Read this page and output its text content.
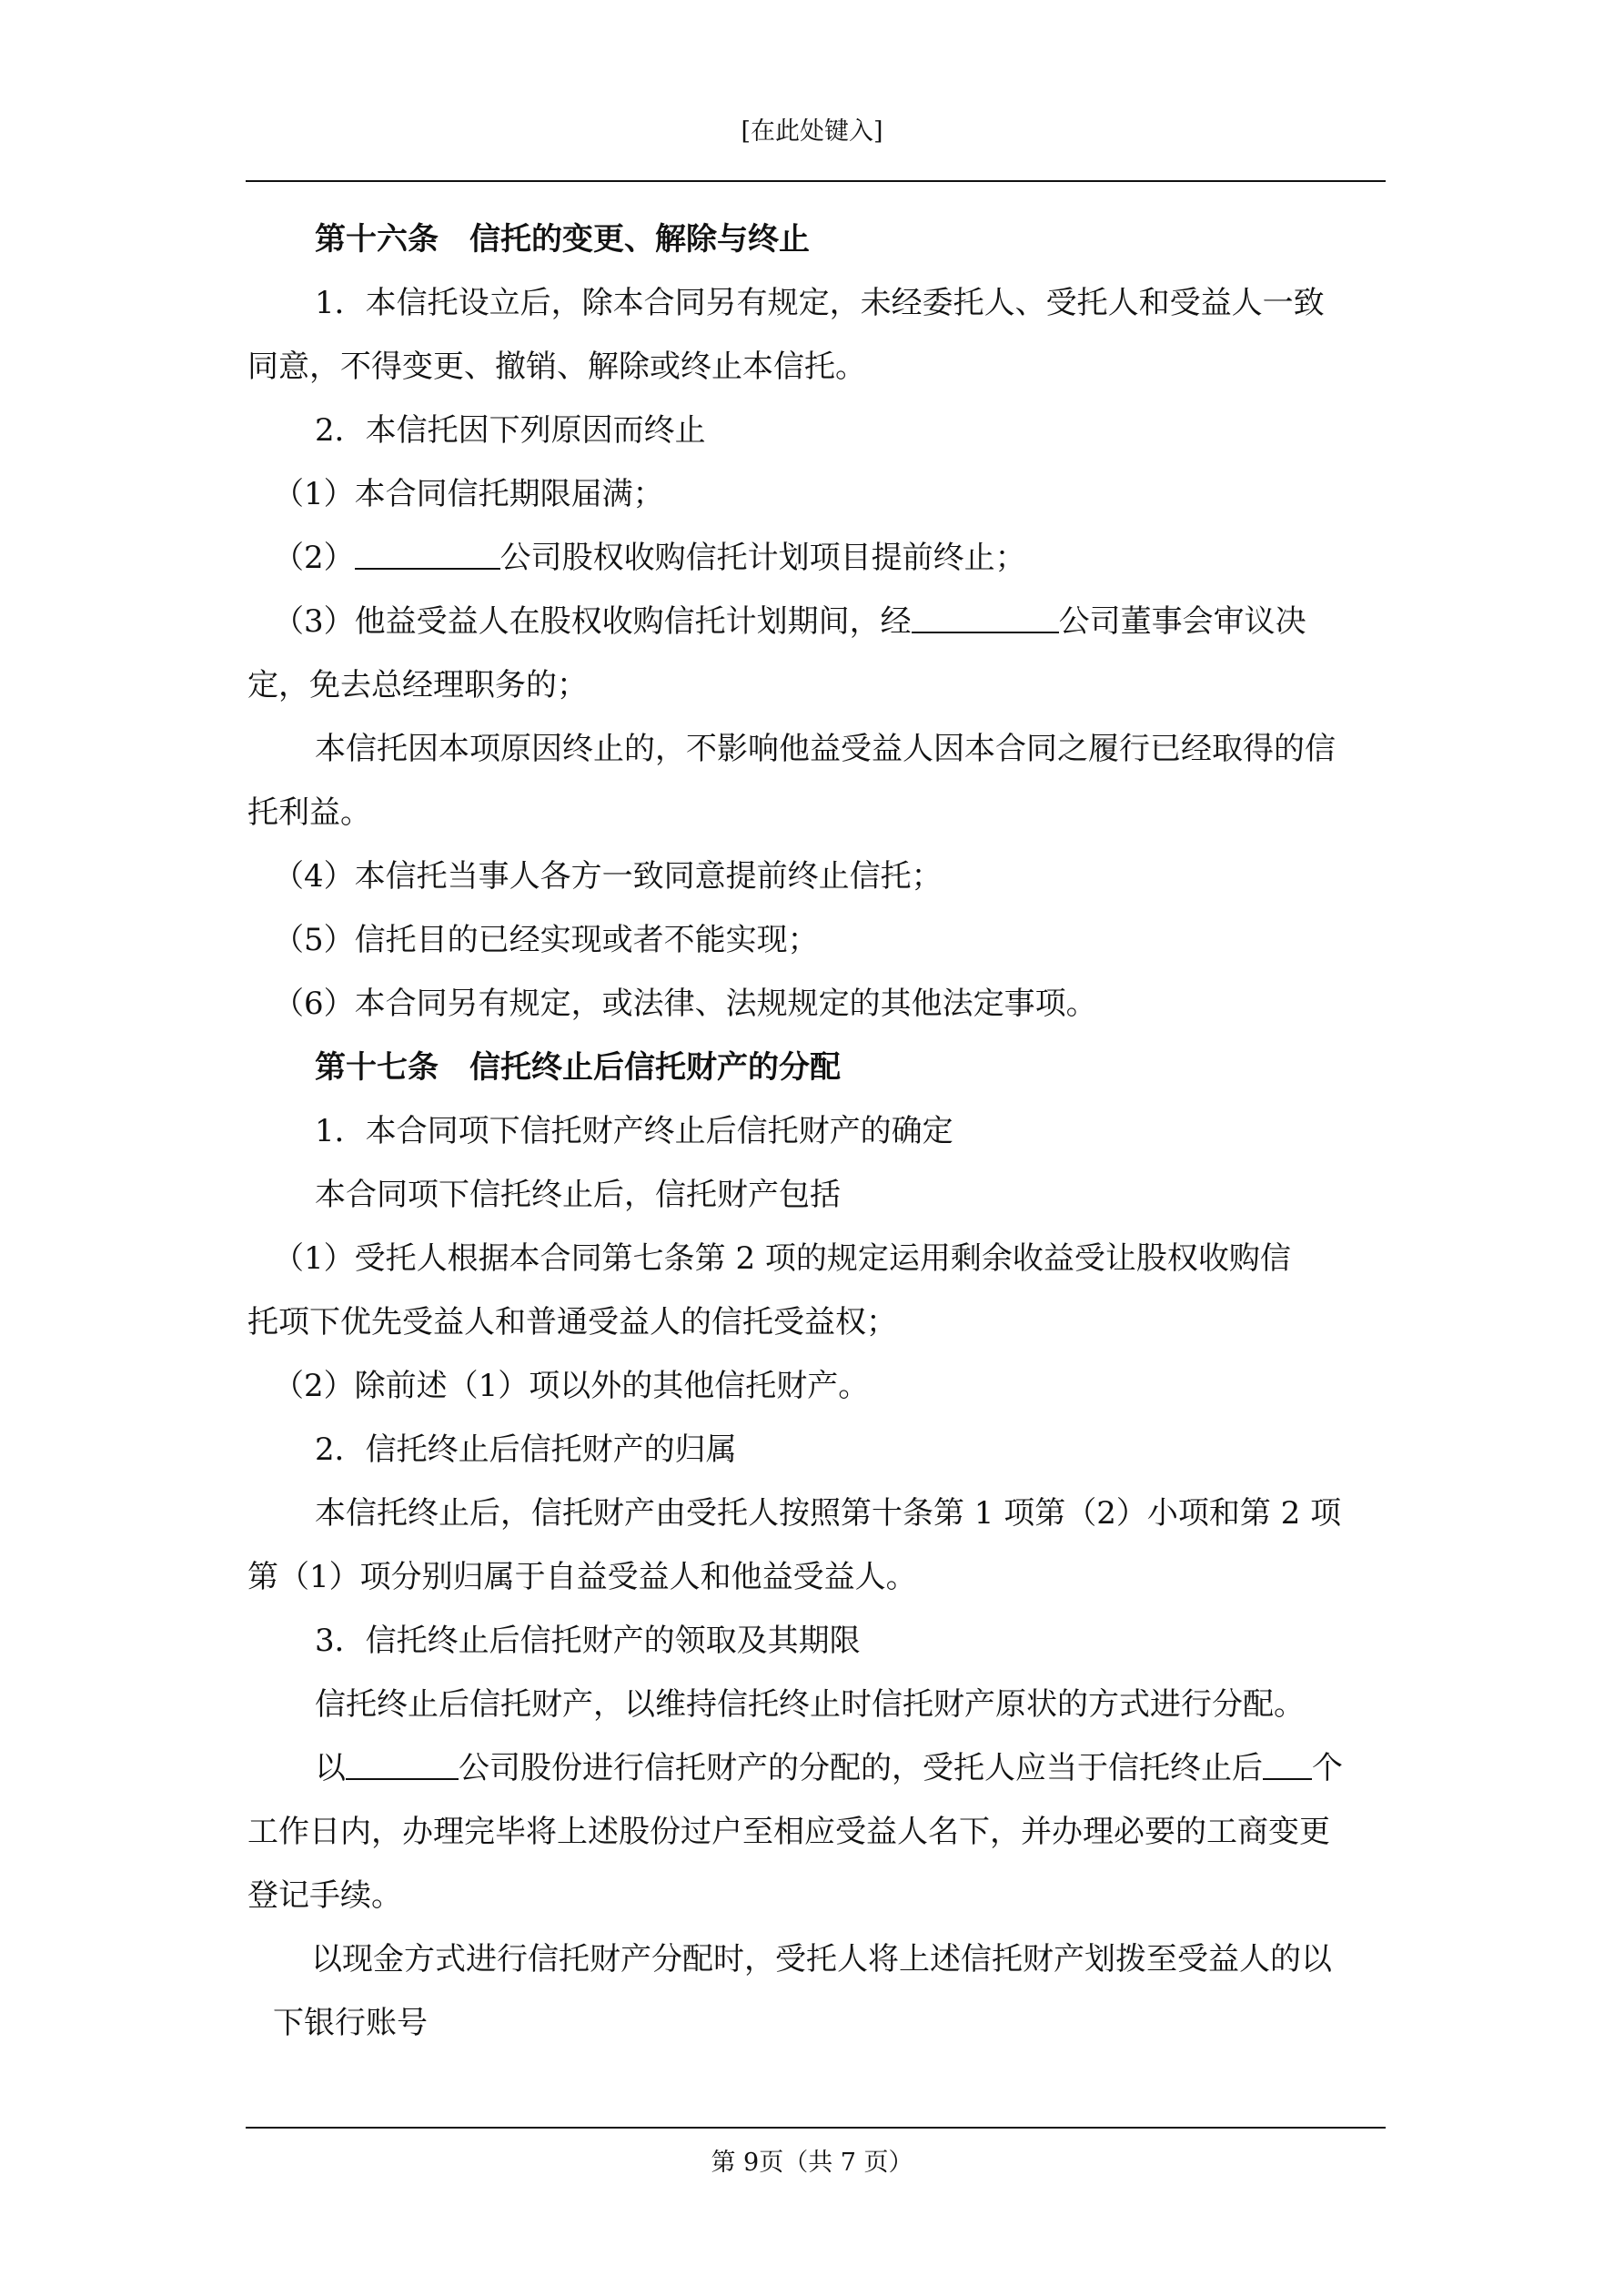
[在此处键入]

第十六条　信托的变更、解除与终止

1．本信托设立后，除本合同另有规定，未经委托人、受托人和受益人一致

同意，不得变更、撤销、解除或终止本信托。

2．本信托因下列原因而终止

（1）本合同信托期限届满；

（2）	公司股权收购信托计划项目提前终止；

（3）他益受益人在股权收购信托计划期间，经	公司董事会审议决

定，免去总经理职务的；

本信托因本项原因终止的，不影响他益受益人因本合同之履行已经取得的信

托利益。

（4）本信托当事人各方一致同意提前终止信托；

（5）信托目的已经实现或者不能实现；

（6）本合同另有规定，或法律、法规规定的其他法定事项。

第十七条　信托终止后信托财产的分配

1．本合同项下信托财产终止后信托财产的确定

本合同项下信托终止后，信托财产包括

（1）受托人根据本合同第七条第 2 项的规定运用剩余收益受让股权收购信

托项下优先受益人和普通受益人的信托受益权；

（2）除前述（1）项以外的其他信托财产。

2．信托终止后信托财产的归属

本信托终止后，信托财产由受托人按照第十条第 1 项第（2）小项和第 2 项

第（1）项分别归属于自益受益人和他益受益人。

3．信托终止后信托财产的领取及其期限

信托终止后信托财产，以维持信托终止时信托财产原状的方式进行分配。

以	公司股份进行信托财产的分配的，受托人应当于信托终止后 个

工作日内，办理完毕将上述股份过户至相应受益人名下，并办理必要的工商变更

登记手续。

以现金方式进行信托财产分配时，受托人将上述信托财产划拨至受益人的以

下银行账号

第 9页（共 7 页）
